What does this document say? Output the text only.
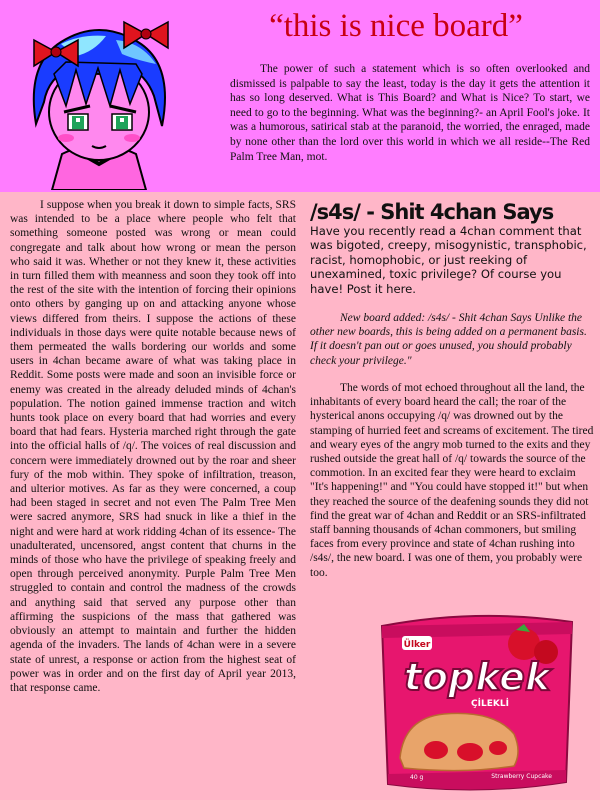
“this is nice board”

The power of such a statement which is so often overlooked and dismissed is palpable to say the least, today is the day it gets the attention it has so long deserved. What is This Board? and What is Nice? To start, we need to go to the beginning. What was the beginning?- an April Fool's joke. It was a humorous, satirical stab at the paranoid, the worried, the enraged, made by none other than the lord over this world in which we all reside--The Red Palm Tree Man, mot.

I suppose when you break it down to simple facts, SRS was intended to be a place where people who felt that something someone posted was wrong or mean could congregate and talk about how wrong or mean the person who said it was. Whether or not they knew it, these activities in turn filled them with meanness and soon they took off into the rest of the site with the intention of forcing their opinions onto others by ganging up on and attacking anyone whose views differed from theirs. I suppose the actions of these individuals in those days were quite notable because news of them permeated the walls bordering our worlds and some users in 4chan became aware of what was taking place in Reddit. Some posts were made and soon an invisible force or enemy was created in the already deluded minds of 4chan's population. The notion gained immense traction and witch hunts took place on every board that had worries and every board that had fears. Hysteria marched right through the gate into the official halls of /q/. The voices of real discussion and concern were immediately drowned out by the roar and sheer fury of the mob within. They spoke of infiltration, treason, and ulterior motives. As far as they were concerned, a coup had been staged in secret and not even The Palm Tree Men were sacred anymore, SRS had snuck in like a thief in the night and were hard at work ridding 4chan of its essence- The unadulterated, uncensored, angst content that churns in the minds of those who have the privilege of speaking freely and open through perceived anonymity. Purple Palm Tree Men struggled to contain and control the madness of the crowds and anything said that served any purpose other than affirming the suspicions of the mass that gathered was obviously an attempt to maintain and further the hidden agenda of the invaders. The lands of 4chan were in a severe state of unrest, a response or action from the highest seat of power was in order and on the first day of April year 2013, that response came.

/s4s/ - Shit 4chan Says

Have you recently read a 4chan comment that was bigoted, creepy, misogynistic, transphobic, racist, homophobic, or just reeking of unexamined, toxic privilege? Of course you have! Post it here.

New board added: /s4s/ - Shit 4chan Says Unlike the other new boards, this is being added on a permanent basis. If it doesn't pan out or goes unused, you should probably check your privilege."

The words of mot echoed throughout all the land, the inhabitants of every board heard the call; the roar of the hysterical anons occupying /q/ was drowned out by the stamping of hurried feet and screams of excitement. The tired and weary eyes of the angry mob turned to the exits and they rushed outside the great hall of /q/ towards the source of the commotion. In an excited fear they were heard to exclaim "It's happening!" and "You could have stopped it!" but when they reached the source of the deafening sounds they did not find the great war of 4chan and Reddit or an SRS-infiltrated staff banning thousands of 4chan commoners, but smiling faces from every province and state of 4chan rushing into /s4s/, the new board. I was one of them, you probably were too.

Ülker
topkek
ÇİLEKLİ
40 g	Strawberry Cupcake
